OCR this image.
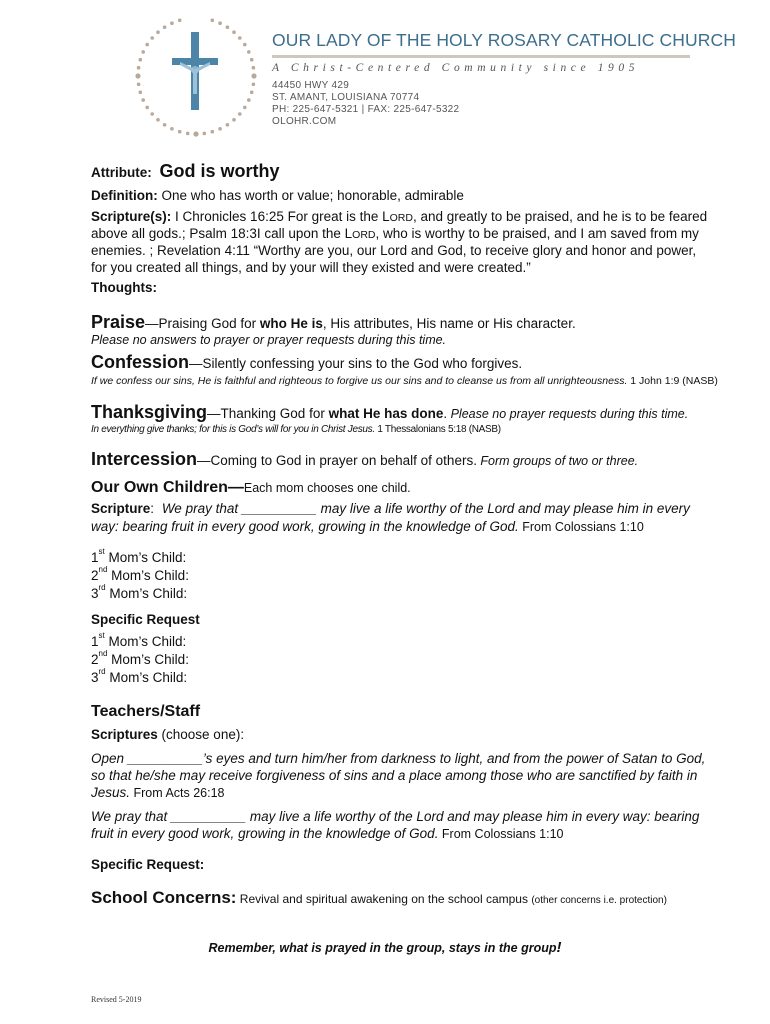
OUR LADY OF THE HOLY ROSARY CATHOLIC CHURCH
A Christ-Centered Community since 1905
44450 HWY 429
ST. AMANT, LOUISIANA 70774
PH: 225-647-5321 | FAX: 225-647-5322
OLOHR.COM
Attribute: God is worthy
Definition: One who has worth or value; honorable, admirable
Scripture(s): I Chronicles 16:25 For great is the LORD, and greatly to be praised, and he is to be feared
above all gods.; Psalm 18:3I call upon the LORD, who is worthy to be praised, and I am saved from my
enemies. ; Revelation 4:11 “Worthy are you, our Lord and God, to receive glory and honor and power,
for you created all things, and by your will they existed and were created.”
Thoughts:
Praise—Praising God for who He is, His attributes, His name or His character.
Please no answers to prayer or prayer requests during this time.
Confession—Silently confessing your sins to the God who forgives.
If we confess our sins, He is faithful and righteous to forgive us our sins and to cleanse us from all unrighteousness. 1 John 1:9 (NASB)
Thanksgiving—Thanking God for what He has done. Please no prayer requests during this time.
In everything give thanks; for this is God’s will for you in Christ Jesus. 1 Thessalonians 5:18 (NASB)
Intercession—Coming to God in prayer on behalf of others. Form groups of two or three.
Our Own Children—Each mom chooses one child.
Scripture: We pray that __________ may live a life worthy of the Lord and may please him in every
way: bearing fruit in every good work, growing in the knowledge of God. From Colossians 1:10
1st Mom’s Child:
2nd Mom’s Child:
3rd Mom’s Child:
Specific Request
1st Mom’s Child:
2nd Mom’s Child:
3rd Mom’s Child:
Teachers/Staff
Scriptures (choose one):
Open __________’s eyes and turn him/her from darkness to light, and from the power of Satan to God,
so that he/she may receive forgiveness of sins and a place among those who are sanctified by faith in
Jesus. From Acts 26:18
We pray that __________ may live a life worthy of the Lord and may please him in every way: bearing
fruit in every good work, growing in the knowledge of God. From Colossians 1:10
Specific Request:
School Concerns: Revival and spiritual awakening on the school campus (other concerns i.e. protection)
Remember, what is prayed in the group, stays in the group!
Revised 5-2019
